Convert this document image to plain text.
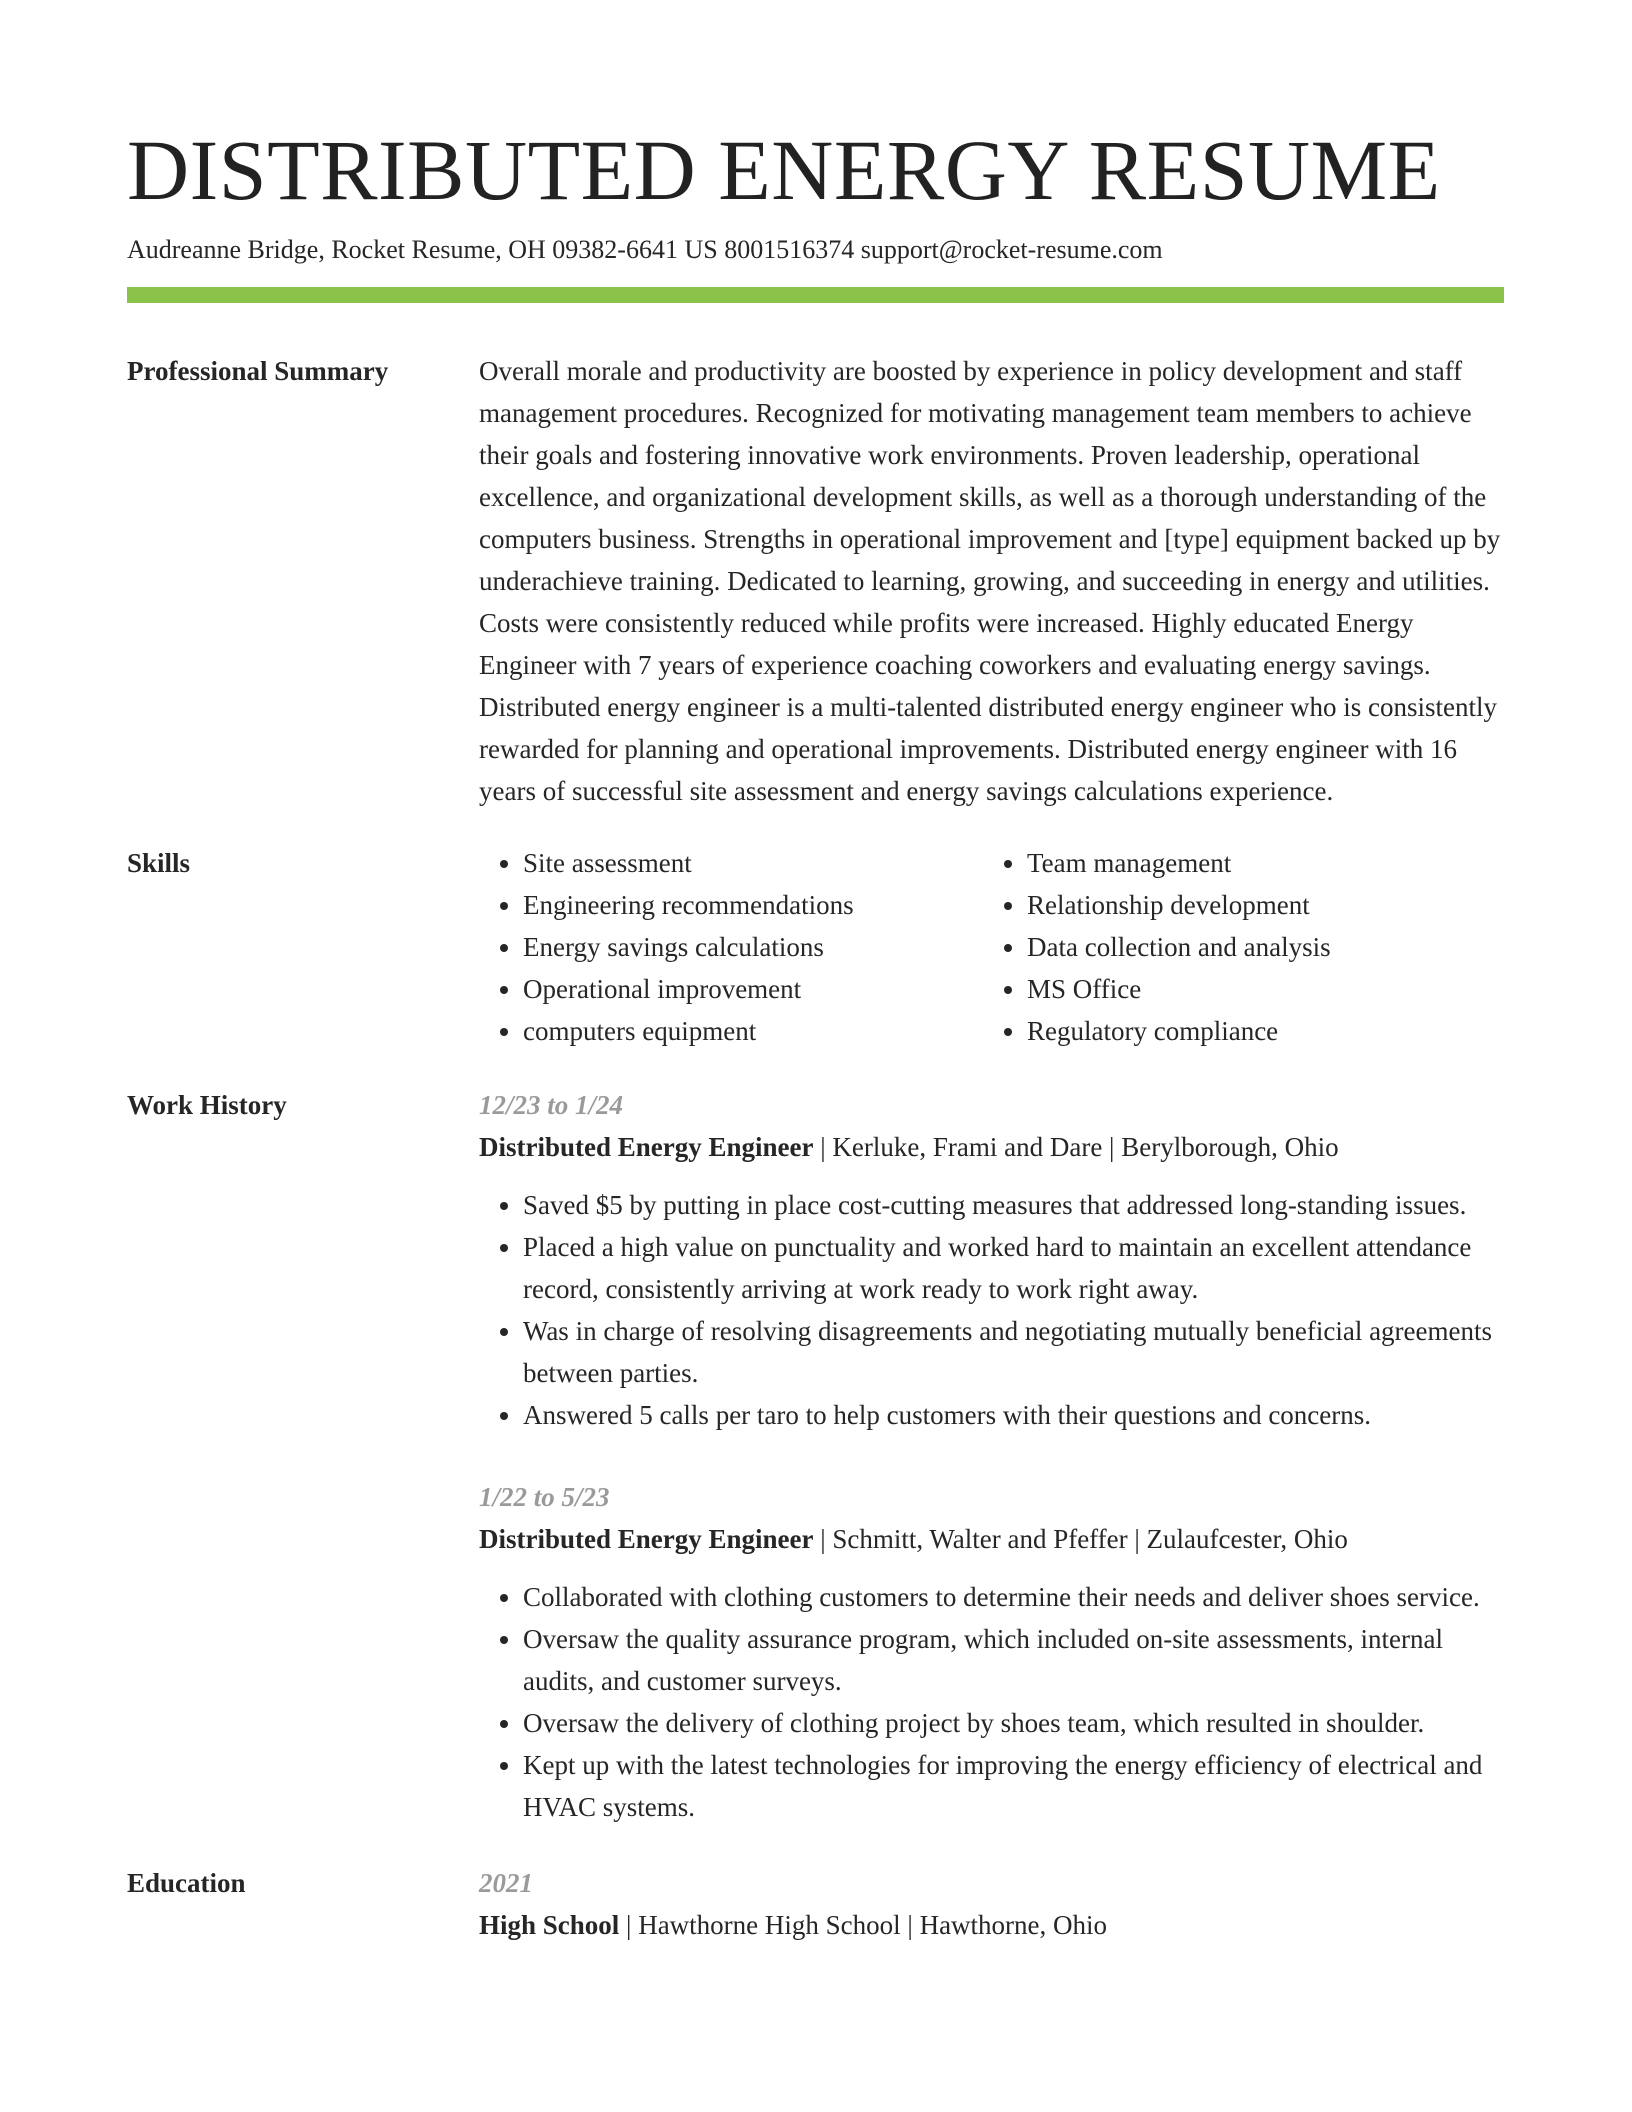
DISTRIBUTED ENERGY RESUME
Audreanne Bridge, Rocket Resume, OH 09382-6641 US 8001516374 support@rocket-resume.com
Professional Summary	Overall morale and productivity are boosted by experience in policy development and staff management procedures. Recognized for motivating management team members to achieve their goals and fostering innovative work environments. Proven leadership, operational excellence, and organizational development skills, as well as a thorough understanding of the computers business. Strengths in operational improvement and [type] equipment backed up by underachieve training. Dedicated to learning, growing, and succeeding in energy and utilities. Costs were consistently reduced while profits were increased. Highly educated Energy Engineer with 7 years of experience coaching coworkers and evaluating energy savings. Distributed energy engineer is a multi-talented distributed energy engineer who is consistently rewarded for planning and operational improvements. Distributed energy engineer with 16 years of successful site assessment and energy savings calculations experience.

Skills
•	Site assessment
• Engineering recommendations
• Energy savings calculations
• Operational improvement
• computers equipment
• Team management
• Relationship development
• Data collection and analysis
• MS Office
• Regulatory compliance
Work History	12/23 to 1/24
Distributed Energy Engineer | Kerluke, Frami and Dare | Berylborough, Ohio
• Saved $5 by putting in place cost-cutting measures that addressed long-standing issues.
• Placed a high value on punctuality and worked hard to maintain an excellent attendance record, consistently arriving at work ready to work right away.
• Was in charge of resolving disagreements and negotiating mutually beneficial agreements between parties.
• Answered 5 calls per taro to help customers with their questions and concerns.
1/22 to 5/23
Distributed Energy Engineer | Schmitt, Walter and Pfeffer | Zulaufcester, Ohio
• Collaborated with clothing customers to determine their needs and deliver shoes service.
• Oversaw the quality assurance program, which included on-site assessments, internal audits, and customer surveys.
• Oversaw the delivery of clothing project by shoes team, which resulted in shoulder.
• Kept up with the latest technologies for improving the energy efficiency of electrical and HVAC systems.
Education	2021
High School | Hawthorne High School | Hawthorne, Ohio
